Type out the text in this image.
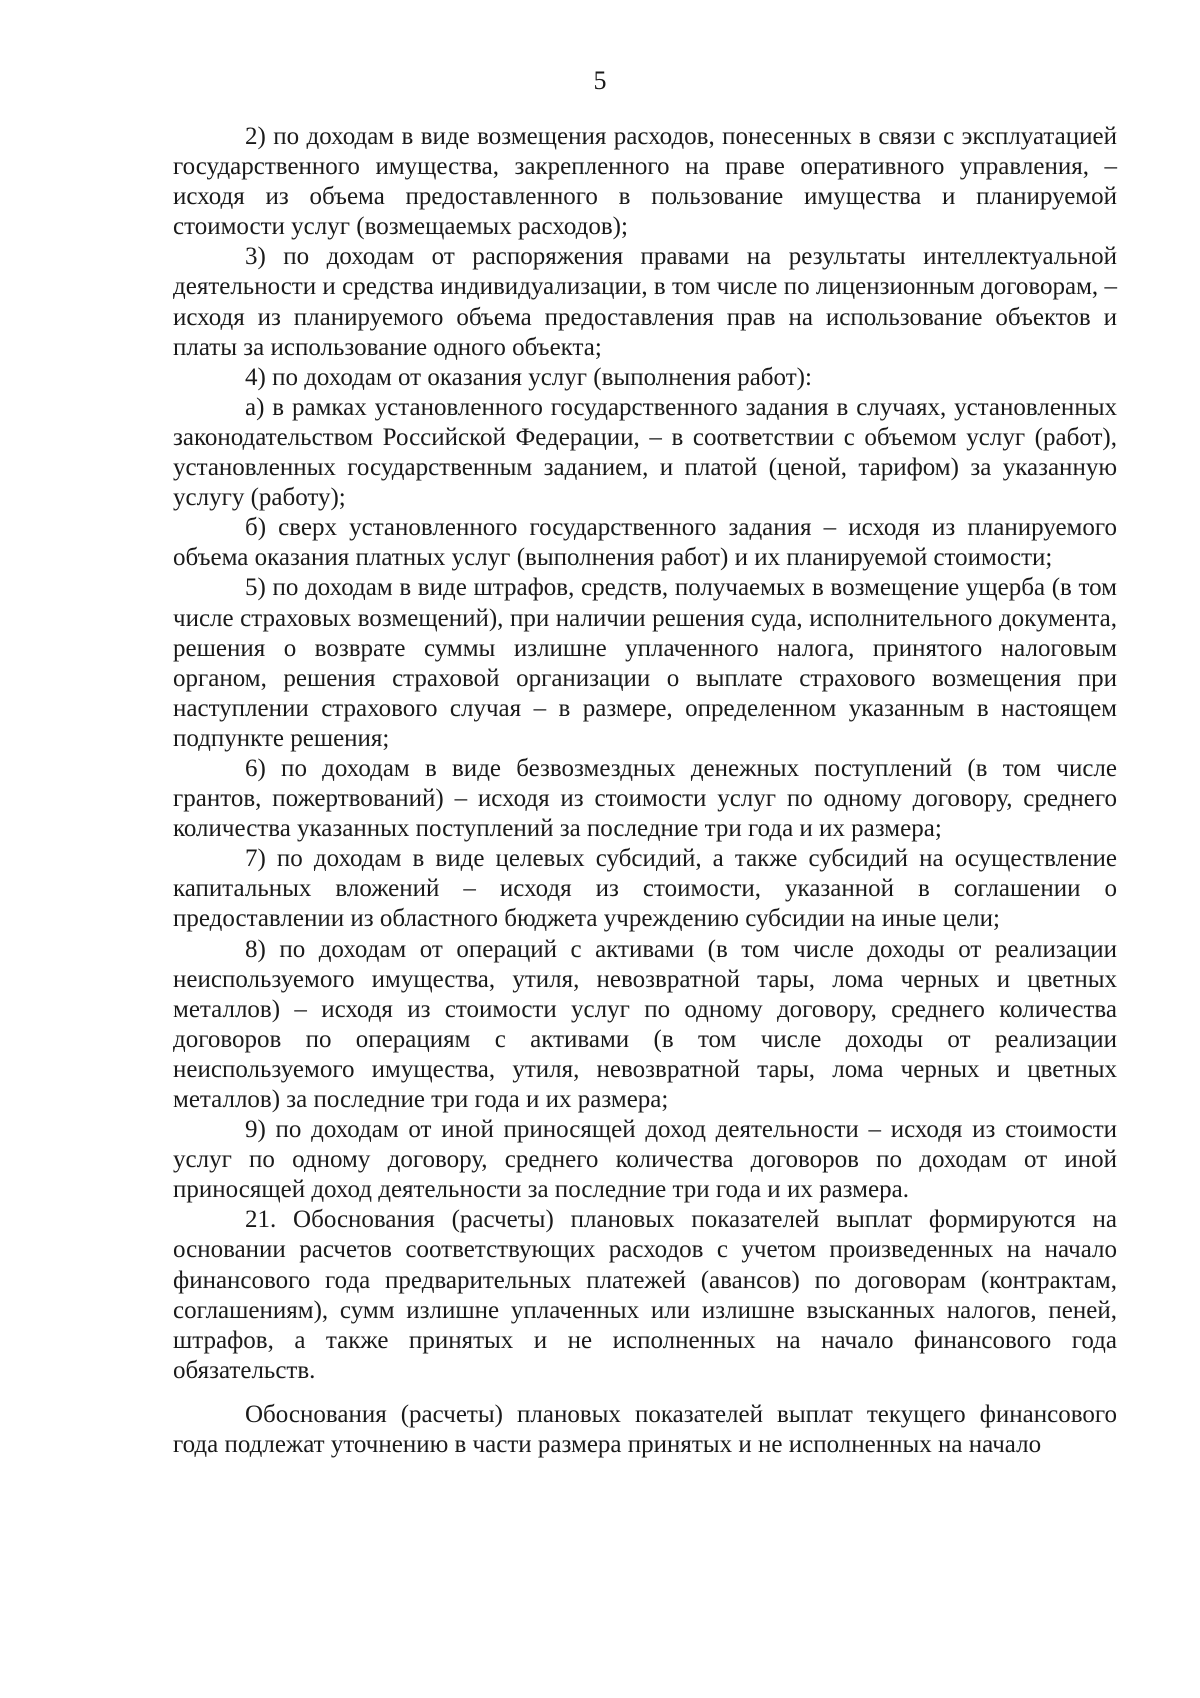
5

2) по доходам в виде возмещения расходов, понесенных в связи с эксплуатацией государственного имущества, закрепленного на праве оперативного управления, – исходя из объема предоставленного в пользование имущества и планируемой стоимости услуг (возмещаемых расходов);

3) по доходам от распоряжения правами на результаты интеллектуальной деятельности и средства индивидуализации, в том числе по лицензионным договорам, – исходя из планируемого объема предоставления прав на использование объектов и платы за использование одного объекта;

4) по доходам от оказания услуг (выполнения работ):

а) в рамках установленного государственного задания в случаях, установленных законодательством Российской Федерации, – в соответствии с объемом услуг (работ), установленных государственным заданием, и платой (ценой, тарифом) за указанную услугу (работу);

б) сверх установленного государственного задания – исходя из планируемого объема оказания платных услуг (выполнения работ) и их планируемой стоимости;

5) по доходам в виде штрафов, средств, получаемых в возмещение ущерба (в том числе страховых возмещений), при наличии решения суда, исполнительного документа, решения о возврате суммы излишне уплаченного налога, принятого налоговым органом, решения страховой организации о выплате страхового возмещения при наступлении страхового случая – в размере, определенном указанным в настоящем подпункте решения;

6) по доходам в виде безвозмездных денежных поступлений (в том числе грантов, пожертвований) – исходя из стоимости услуг по одному договору, среднего количества указанных поступлений за последние три года и их размера;

7) по доходам в виде целевых субсидий, а также субсидий на осуществление капитальных вложений – исходя из стоимости, указанной в соглашении о предоставлении из областного бюджета учреждению субсидии на иные цели;

8) по доходам от операций с активами (в том числе доходы от реализации неиспользуемого имущества, утиля, невозвратной тары, лома черных и цветных металлов) – исходя из стоимости услуг по одному договору, среднего количества договоров по операциям с активами (в том числе доходы от реализации неиспользуемого имущества, утиля, невозвратной тары, лома черных и цветных металлов) за последние три года и их размера;

9) по доходам от иной приносящей доход деятельности – исходя из стоимости услуг по одному договору, среднего количества договоров по доходам от иной приносящей доход деятельности за последние три года и их размера.

21. Обоснования (расчеты) плановых показателей выплат формируются на основании расчетов соответствующих расходов с учетом произведенных на начало финансового года предварительных платежей (авансов) по договорам (контрактам, соглашениям), сумм излишне уплаченных или излишне взысканных налогов, пеней, штрафов, а также принятых и не исполненных на начало финансового года обязательств.

Обоснования (расчеты) плановых показателей выплат текущего финансового года подлежат уточнению в части размера принятых и не исполненных на начало
